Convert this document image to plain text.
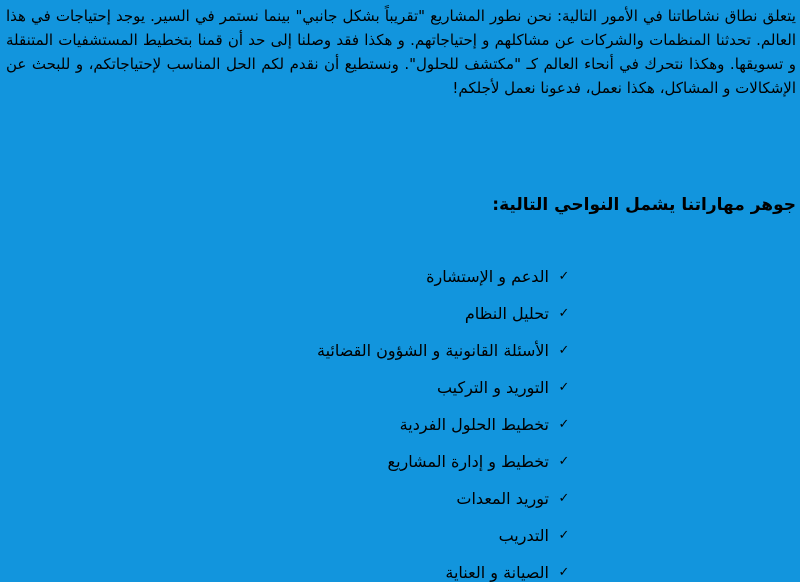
يتعلق نطاق نشاطاتنا في الأمور التالية: نحن نطور المشاريع "تقريباً بشكل جانبي" بينما نستمر في السير. يوجد إحتياجات في هذا العالم. تحدثنا المنظمات والشركات عن مشاكلهم و إحتياجاتهم. و هكذا فقد وصلنا إلى حد أن قمنا بتخطيط المستشفيات المتنقلة و تسويقها. وهكذا نتحرك في أنحاء العالم كـ "مكتشف للحلول". ونستطيع أن نقدم لكم الحل المناسب لإحتياجاتكم، و للبحث عن الإشكالات و المشاكل، هكذا نعمل، فدعونا نعمل لأجلكم!

جوهر مهاراتنا يشمل النواحي التالية:
✓
الدعم و الإستشارة
✓
تحليل النظام
✓
الأسئلة القانونية و الشؤون القضائية
✓
التوريد و التركيب
✓
تخطيط الحلول الفردية
✓
تخطيط و إدارة المشاريع
✓
توريد المعدات
✓
التدريب
✓
الصيانة و العناية
